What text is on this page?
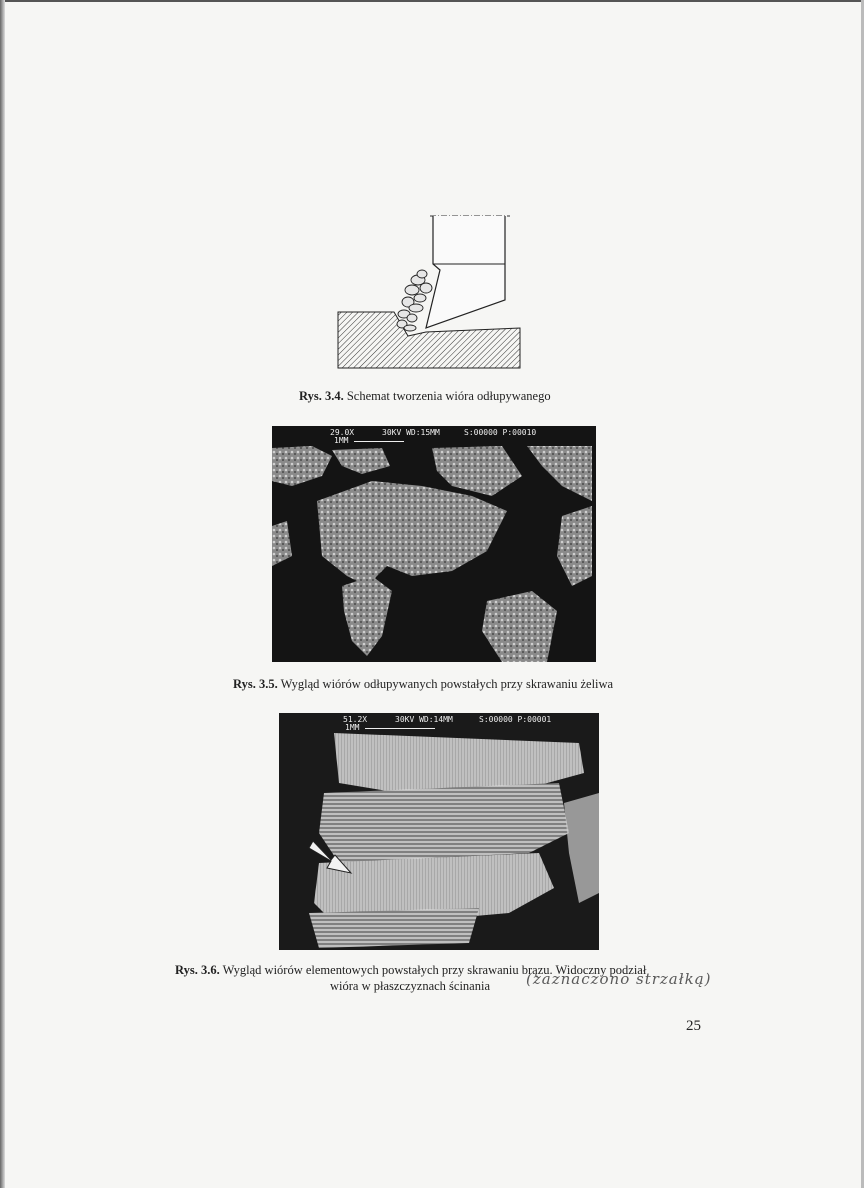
Rys. 3.4. Schemat tworzenia wióra odłupywanego
29.0X	30KV WD:15MM	S:00000 P:00010
1MM
Rys. 3.5. Wygląd wiórów odłupywanych powstałych przy skrawaniu żeliwa
51.2X	30KV WD:14MM	S:00000 P:00001
1MM
Rys. 3.6. Wygląd wiórów elementowych powstałych przy skrawaniu brązu. Widoczny podział
wióra w płaszczyznach ścinania (zaznaczono strzałką)
25
